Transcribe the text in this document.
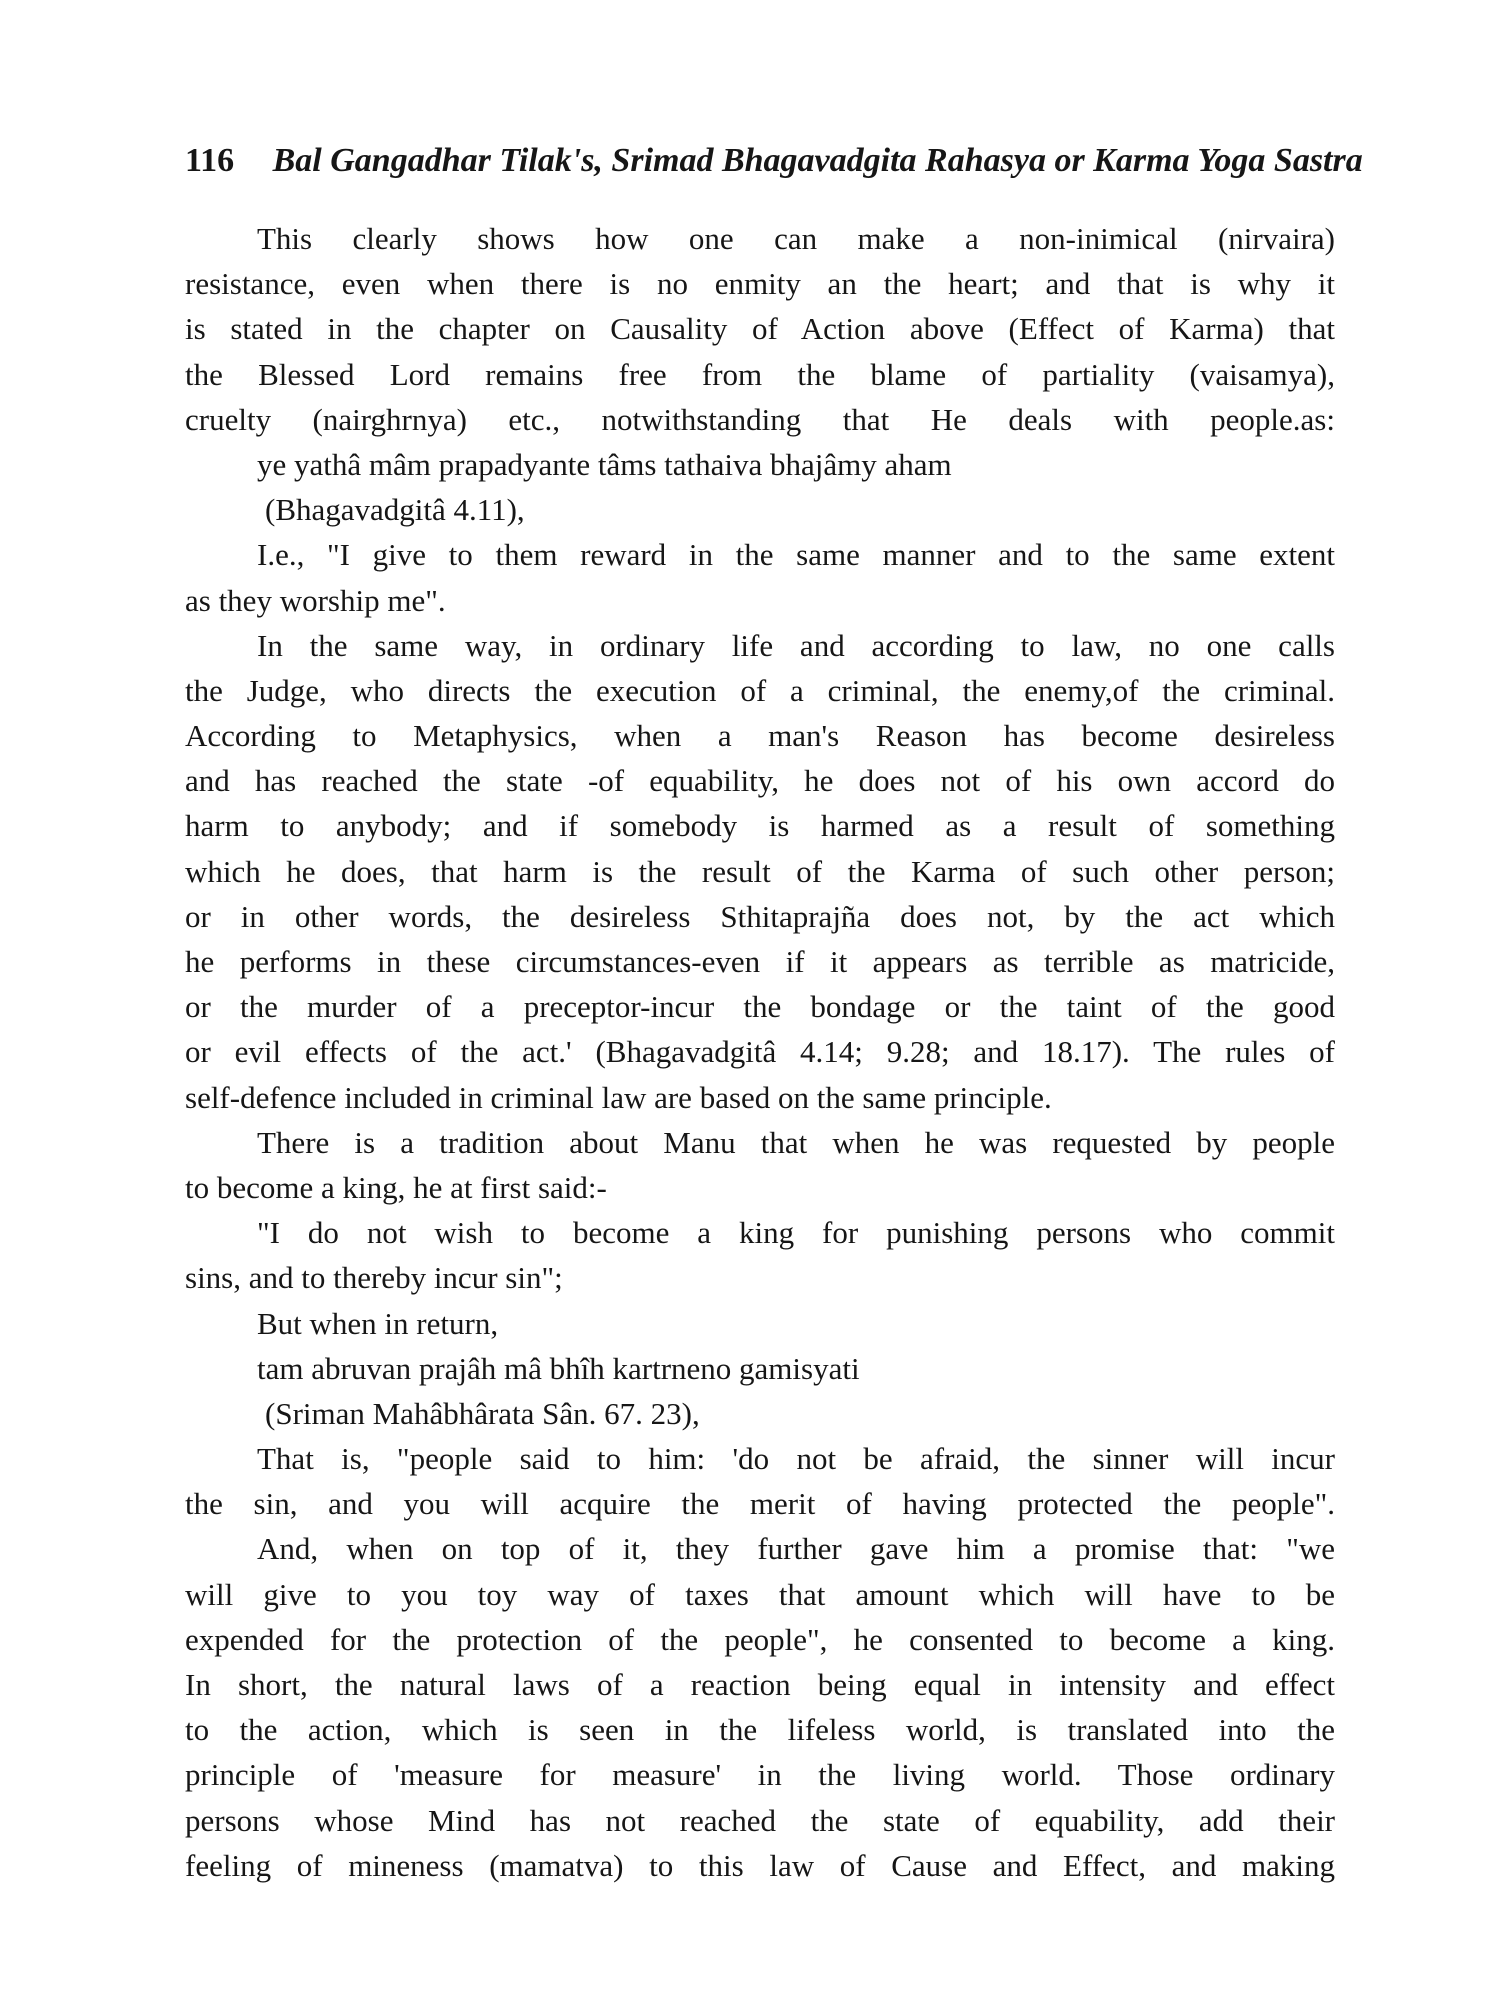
116 Bal Gangadhar Tilak's, Srimad Bhagavadgita Rahasya or Karma Yoga Sastra
This clearly shows how one can make a non-inimical (nirvaira)
resistance, even when there is no enmity an the heart; and that is why it
is stated in the chapter on Causality of Action above (Effect of Karma) that
the Blessed Lord remains free from the blame of partiality (vaisamya),
cruelty (nairghrnya) etc., notwithstanding that He deals with people.as:
ye yathâ mâm prapadyante tâms tathaiva bhajâmy aham
(Bhagavadgitâ 4.11),
I.e., "I give to them reward in the same manner and to the same extent
as they worship me".
In the same way, in ordinary life and according to law, no one calls
the Judge, who directs the execution of a criminal, the enemy,of the criminal.
According to Metaphysics, when a man's Reason has become desireless
and has reached the state -of equability, he does not of his own accord do
harm to anybody; and if somebody is harmed as a result of something
which he does, that harm is the result of the Karma of such other person;
or in other words, the desireless Sthitaprajña does not, by the act which
he performs in these circumstances-even if it appears as terrible as matricide,
or the murder of a preceptor-incur the bondage or the taint of the good
or evil effects of the act.' (Bhagavadgitâ 4.14; 9.28; and 18.17). The rules of
self-defence included in criminal law are based on the same principle.
There is a tradition about Manu that when he was requested by people
to become a king, he at first said:-
"I do not wish to become a king for punishing persons who commit
sins, and to thereby incur sin";
But when in return,
tam abruvan prajâh mâ bhîh kartrneno gamisyati
(Sriman Mahâbhârata Sân. 67. 23),
That is, "people said to him: 'do not be afraid, the sinner will incur
the sin, and you will acquire the merit of having protected the people".
And, when on top of it, they further gave him a promise that: "we
will give to you toy way of taxes that amount which will have to be
expended for the protection of the people", he consented to become a king.
In short, the natural laws of a reaction being equal in intensity and effect
to the action, which is seen in the lifeless world, is translated into the
principle of 'measure for measure' in the living world. Those ordinary
persons whose Mind has not reached the state of equability, add their
feeling of mineness (mamatva) to this law of Cause and Effect, and making
